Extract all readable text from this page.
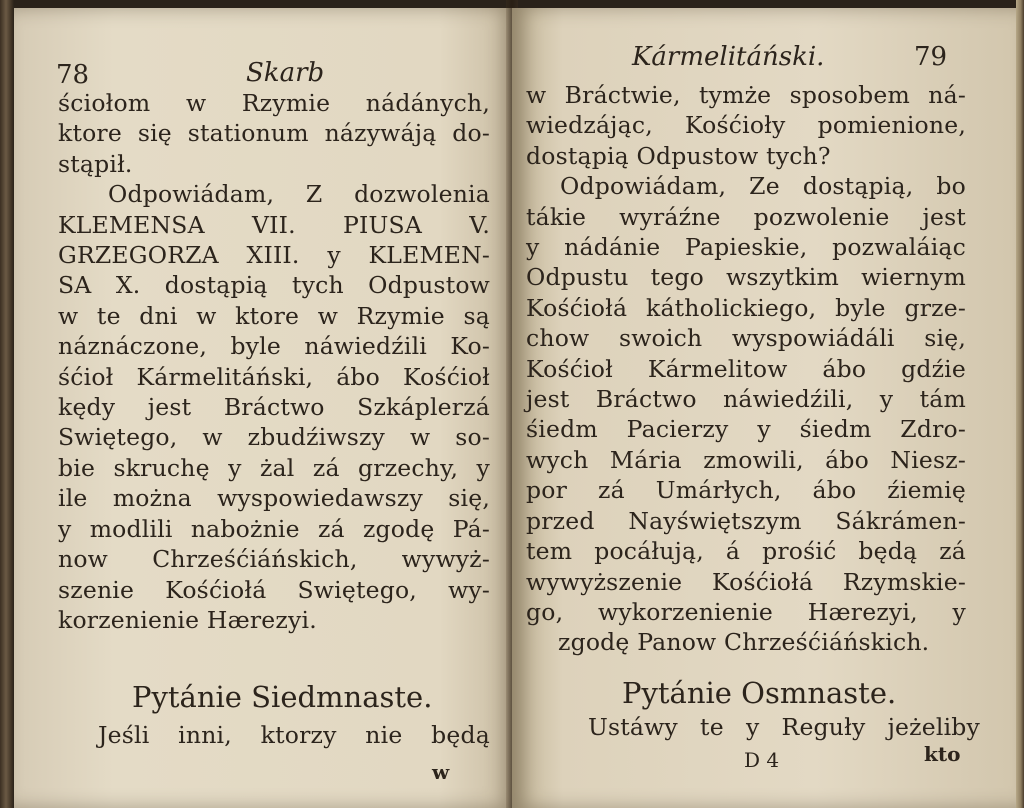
78	Skarb
ściołom w Rzymie nádánych,
ktore się stationum názywáją do-
stąpił.
Odpowiádam, Z dozwolenia
KLEMENSA VII. PIUSA V.
GRZEGORZA XIII. y KLEMEN-
SA X. dostąpią tych Odpustow
w te dni w ktore w Rzymie są
náznáczone, byle náwiedźili Ko-
śćioł Kármelitáński, ábo Kośćioł
kędy jest Bráctwo Szkáplerzá
Swiętego, w zbudźiwszy w so-
bie skruchę y żal zá grzechy, y
ile można wyspowiedawszy się,
y modlili nabożnie zá zgodę Pá-
now Chrześćiáńskich, wywyż-
szenie Kośćiołá Swiętego, wy-
korzenienie Hærezyi.
Pytánie Siedmnaste.
Jeśli inni, ktorzy nie będą
w
Kármelitáński.	79
w Bráctwie, tymże sposobem ná-
wiedzájąc, Kośćioły pomienione,
dostąpią Odpustow tych?
Odpowiádam, Ze dostąpią, bo
tákie wyráźne pozwolenie jest
y nádánie Papieskie, pozwaláiąc
Odpustu tego wszytkim wiernym
Kośćiołá kátholickiego, byle grze-
chow swoich wyspowiádáli się,
Kośćioł Kármelitow ábo gdźie
jest Bráctwo náwiedźili, y tám
śiedm Pacierzy y śiedm Zdro-
wych Mária zmowili, ábo Niesz-
por zá Umárłych, ábo źiemię
przed Nayświętszym Sákrámen-
tem pocáłują, á prośić będą zá
wywyższenie Kośćiołá Rzymskie-
go, wykorzenienie Hærezyi, y
zgodę Panow Chrześćiáńskich.
Pytánie Osmnaste.
Ustáwy te y Reguły jeżeliby
D 4	kto
